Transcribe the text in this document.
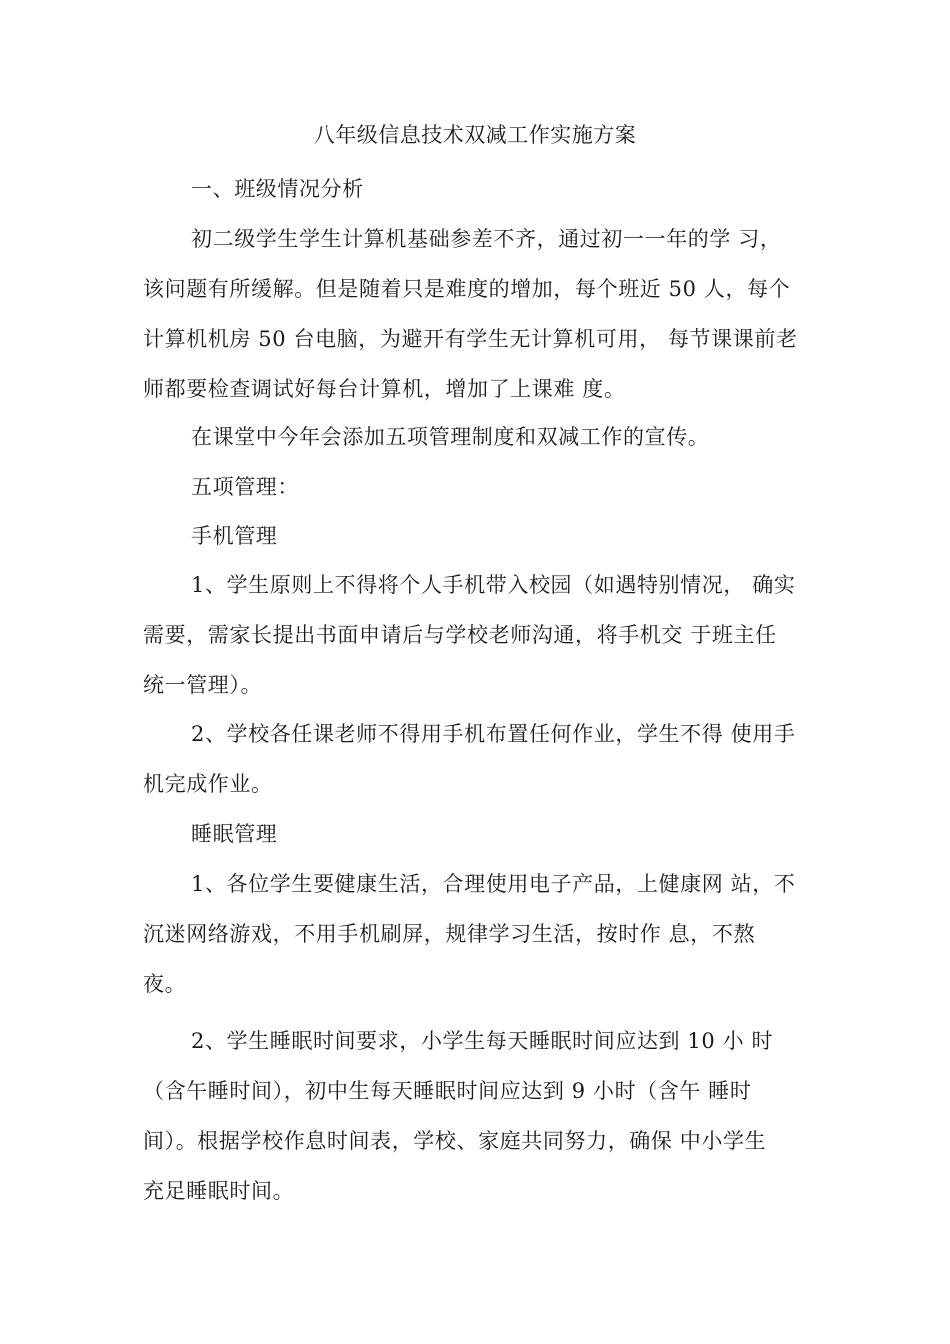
八年级信息技术双减工作实施方案
一、班级情况分析
初二级学生学生计算机基础参差不齐，通过初一一年的学 习，
该问题有所缓解。但是随着只是难度的增加，每个班近 50 人，每个
计算机机房 50 台电脑，为避开有学生无计算机可用， 每节课课前老
师都要检查调试好每台计算机，增加了上课难 度。
在课堂中今年会添加五项管理制度和双减工作的宣传。
五项管理：
手机管理
1、学生原则上不得将个人手机带入校园（如遇特别情况， 确实
需要，需家长提出书面申请后与学校老师沟通，将手机交 于班主任
统一管理）。
2、学校各任课老师不得用手机布置任何作业，学生不得 使用手
机完成作业。
睡眠管理
1、各位学生要健康生活，合理使用电子产品，上健康网 站，不
沉迷网络游戏，不用手机刷屏，规律学习生活，按时作 息，不熬
夜。
2、学生睡眠时间要求，小学生每天睡眠时间应达到 10 小 时
（含午睡时间），初中生每天睡眠时间应达到 9 小时（含午 睡时
间）。根据学校作息时间表，学校、家庭共同努力，确保 中小学生
充足睡眠时间。
